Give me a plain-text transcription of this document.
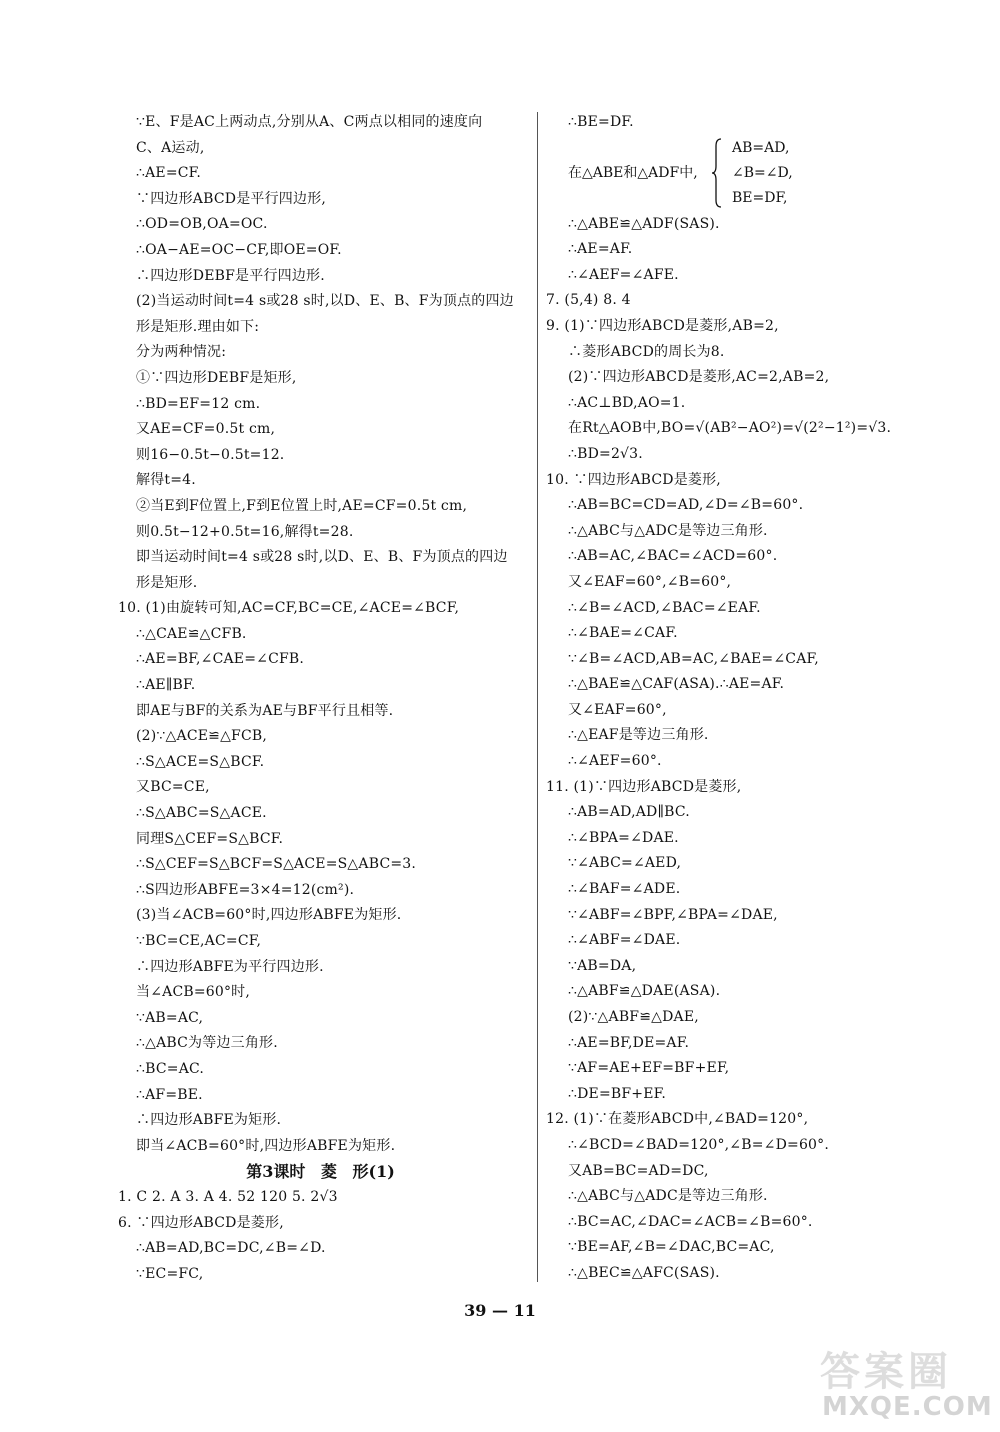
∵E、F是AC上两动点,分别从A、C两点以相同的速度向
C、A运动,
∴AE=CF.
∵四边形ABCD是平行四边形,
∴OD=OB,OA=OC.
∴OA−AE=OC−CF,即OE=OF.
∴四边形DEBF是平行四边形.
(2)当运动时间t=4 s或28 s时,以D、E、B、F为顶点的四边
形是矩形.理由如下:
分为两种情况:
①∵四边形DEBF是矩形,
∴BD=EF=12 cm.
又AE=CF=0.5t cm,
则16−0.5t−0.5t=12.
解得t=4.
②当E到F位置上,F到E位置上时,AE=CF=0.5t cm,
则0.5t−12+0.5t=16,解得t=28.
即当运动时间t=4 s或28 s时,以D、E、B、F为顶点的四边
形是矩形.
10. (1)由旋转可知,AC=CF,BC=CE,∠ACE=∠BCF,
∴△CAE≌△CFB.
∴AE=BF,∠CAE=∠CFB.
∴AE∥BF.
即AE与BF的关系为AE与BF平行且相等.
(2)∵△ACE≌△FCB,
∴S△ACE=S△BCF.
又BC=CE,
∴S△ABC=S△ACE.
同理S△CEF=S△BCF.
∴S△CEF=S△BCF=S△ACE=S△ABC=3.
∴S四边形ABFE=3×4=12(cm²).
(3)当∠ACB=60°时,四边形ABFE为矩形.
∵BC=CE,AC=CF,
∴四边形ABFE为平行四边形.
当∠ACB=60°时,
∵AB=AC,
∴△ABC为等边三角形.
∴BC=AC.
∴AF=BE.
∴四边形ABFE为矩形.
即当∠ACB=60°时,四边形ABFE为矩形.
第3课时 菱 形(1)
1. C 2. A 3. A 4. 52 120 5. 2√3
6. ∵四边形ABCD是菱形,
∴AB=AD,BC=DC,∠B=∠D.
∵EC=FC,
∴BE=DF.
在△ABE和△ADF中,
AB=AD,
∠B=∠D,
BE=DF,
∴△ABE≌△ADF(SAS).
∴AE=AF.
∴∠AEF=∠AFE.
7. (5,4) 8. 4
9. (1)∵四边形ABCD是菱形,AB=2,
∴菱形ABCD的周长为8.
(2)∵四边形ABCD是菱形,AC=2,AB=2,
∴AC⊥BD,AO=1.
在Rt△AOB中,BO=√(AB²−AO²)=√(2²−1²)=√3.
∴BD=2√3.
10. ∵四边形ABCD是菱形,
∴AB=BC=CD=AD,∠D=∠B=60°.
∴△ABC与△ADC是等边三角形.
∴AB=AC,∠BAC=∠ACD=60°.
又∠EAF=60°,∠B=60°,
∴∠B=∠ACD,∠BAC=∠EAF.
∴∠BAE=∠CAF.
∵∠B=∠ACD,AB=AC,∠BAE=∠CAF,
∴△BAE≌△CAF(ASA).∴AE=AF.
又∠EAF=60°,
∴△EAF是等边三角形.
∴∠AEF=60°.
11. (1)∵四边形ABCD是菱形,
∴AB=AD,AD∥BC.
∴∠BPA=∠DAE.
∵∠ABC=∠AED,
∴∠BAF=∠ADE.
∵∠ABF=∠BPF,∠BPA=∠DAE,
∴∠ABF=∠DAE.
∵AB=DA,
∴△ABF≌△DAE(ASA).
(2)∵△ABF≌△DAE,
∴AE=BF,DE=AF.
∵AF=AE+EF=BF+EF,
∴DE=BF+EF.
12. (1)∵在菱形ABCD中,∠BAD=120°,
∴∠BCD=∠BAD=120°,∠B=∠D=60°.
又AB=BC=AD=DC,
∴△ABC与△ADC是等边三角形.
∴BC=AC,∠DAC=∠ACB=∠B=60°.
∵BE=AF,∠B=∠DAC,BC=AC,
∴△BEC≌△AFC(SAS).
39 — 11
答案圈
MXQE.COM
